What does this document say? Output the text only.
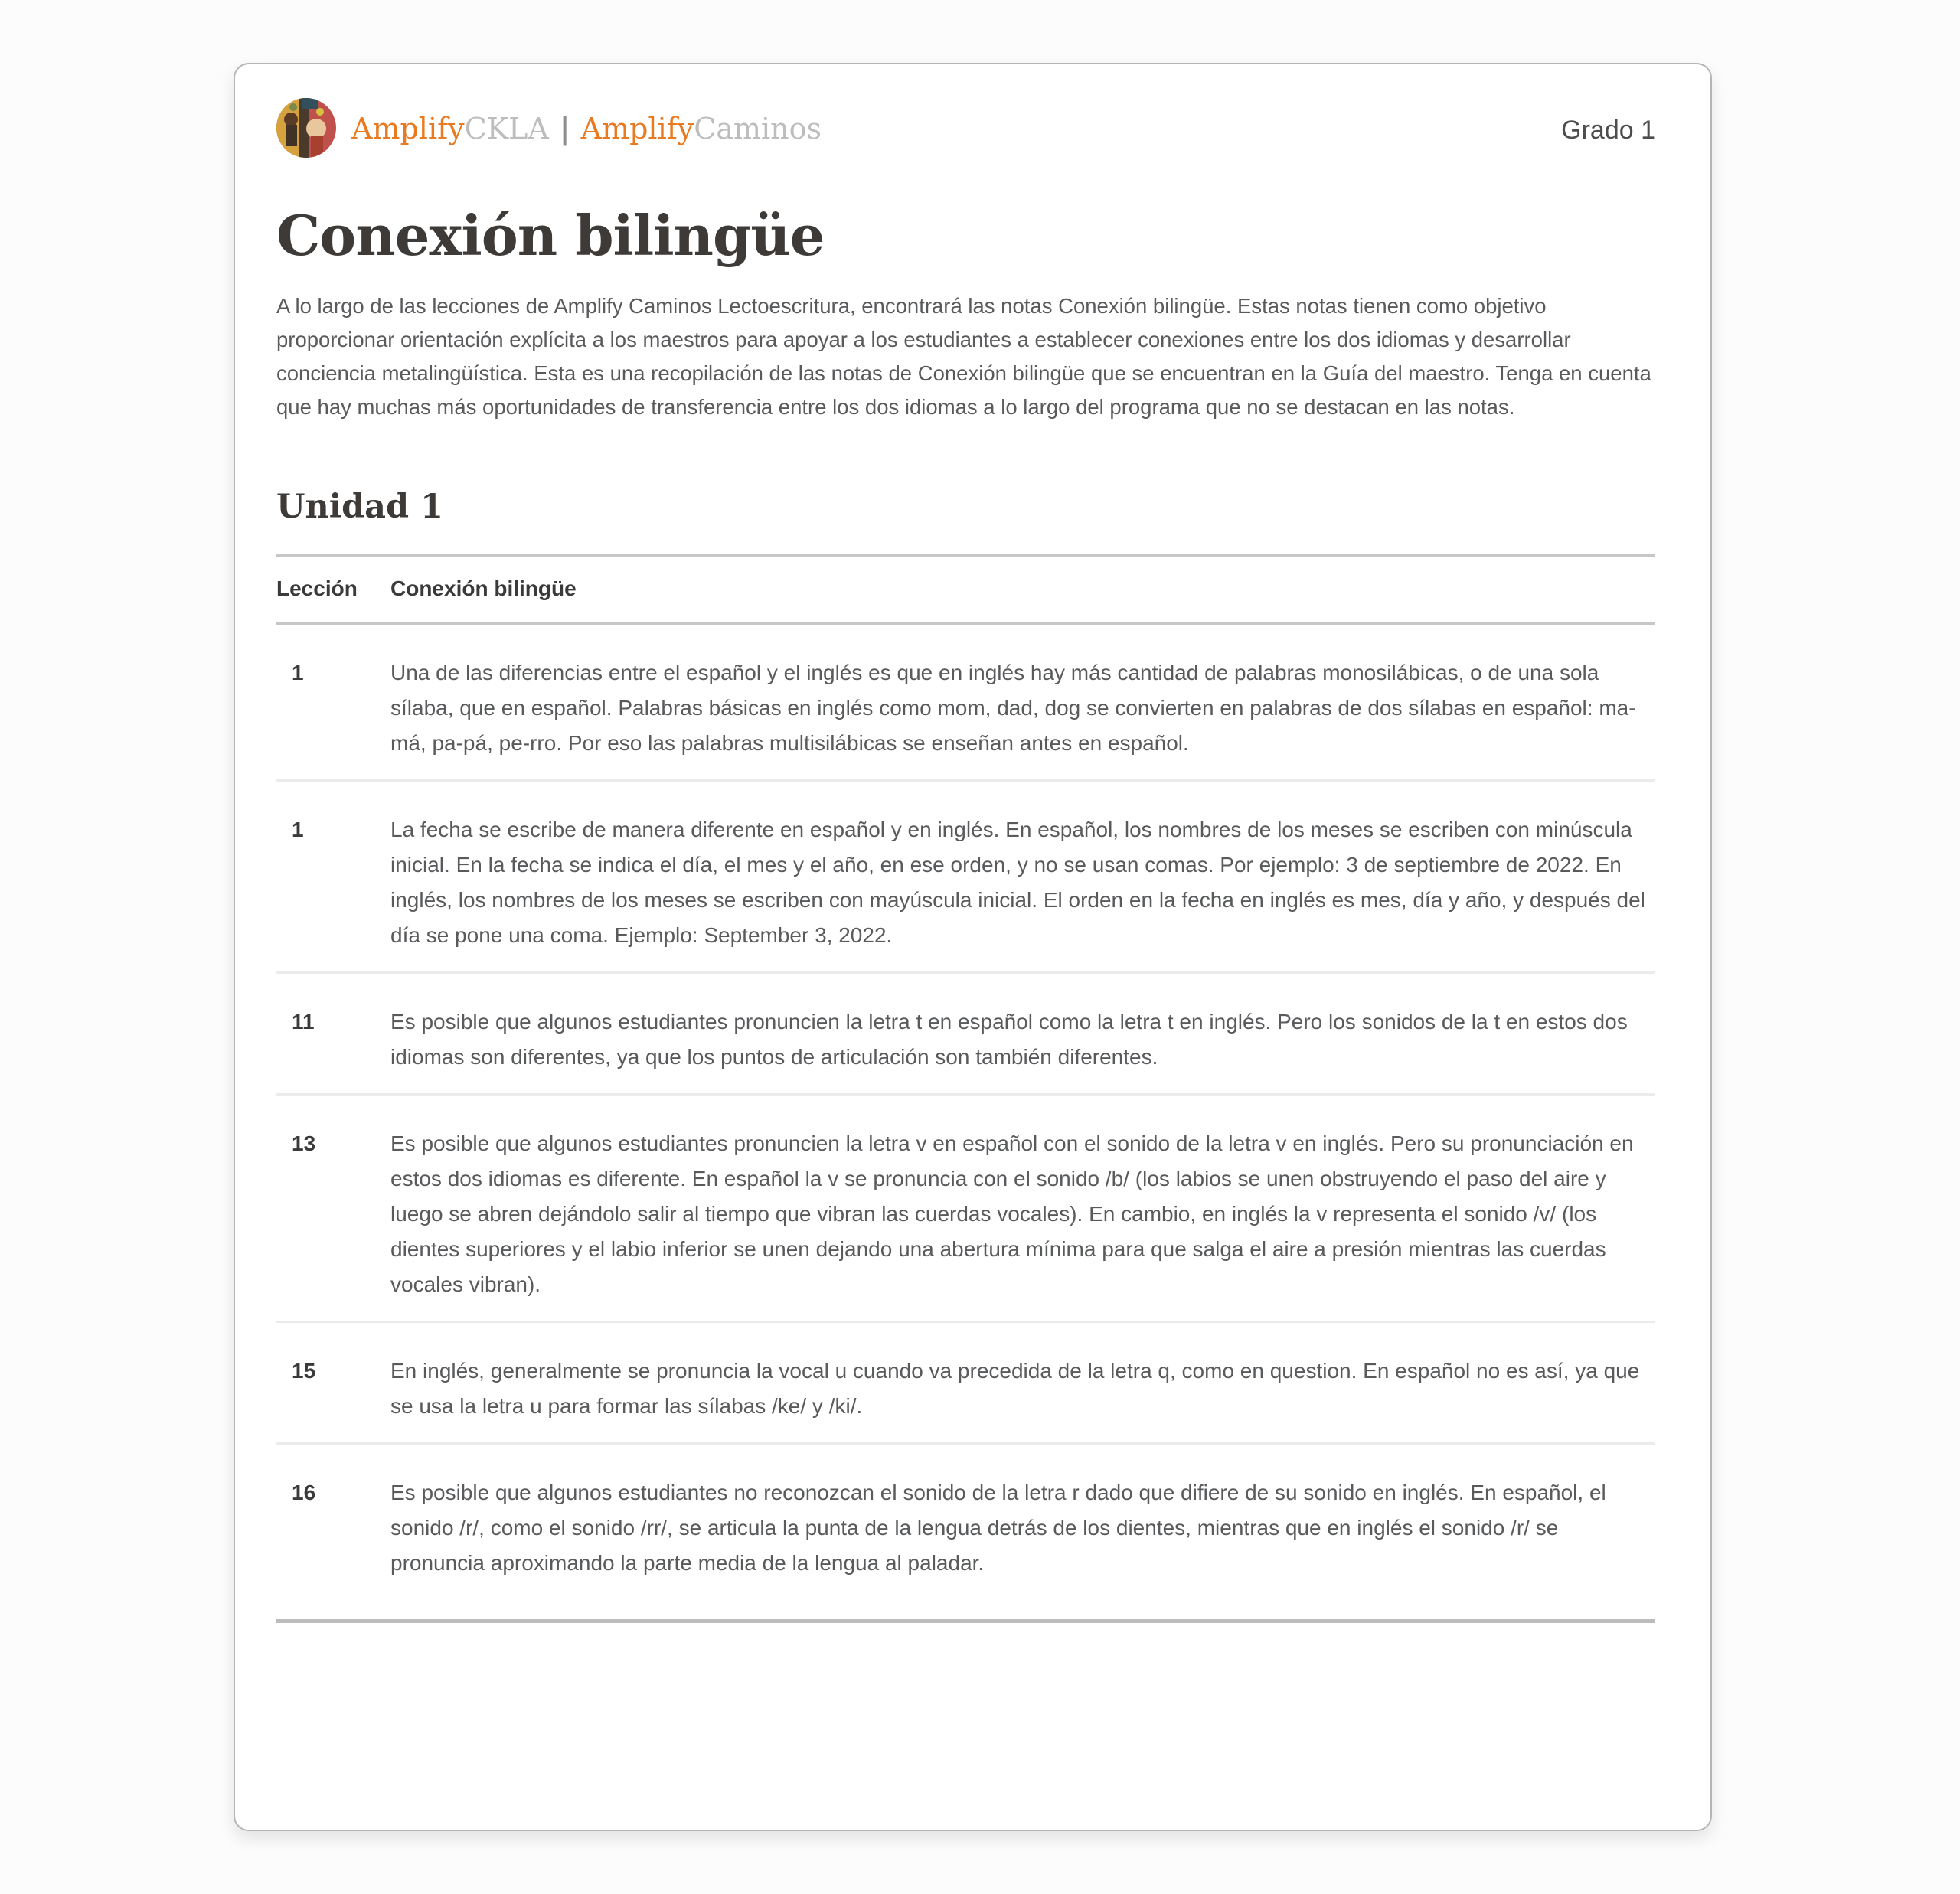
AmplifyCKLA | AmplifyCaminos	Grado 1
Conexión bilingüe

A lo largo de las lecciones de Amplify Caminos Lectoescritura, encontrará las notas Conexión bilingüe. Estas notas tienen como objetivo proporcionar orientación explícita a los maestros para apoyar a los estudiantes a establecer conexiones entre los dos idiomas y desarrollar conciencia metalingüística. Esta es una recopilación de las notas de Conexión bilingüe que se encuentran en la Guía del maestro. Tenga en cuenta que hay muchas más oportunidades de transferencia entre los dos idiomas a lo largo del programa que no se destacan en las notas.

Unidad 1
Lección	Conexión bilingüe
1	Una de las diferencias entre el español y el inglés es que en inglés hay más cantidad de palabras monosilábicas, o de una sola sílaba, que en español. Palabras básicas en inglés como mom, dad, dog se convierten en palabras de dos sílabas en español: ma-má, pa-pá, pe-rro. Por eso las palabras multisilábicas se enseñan antes en español.
1	La fecha se escribe de manera diferente en español y en inglés. En español, los nombres de los meses se escriben con minúscula inicial. En la fecha se indica el día, el mes y el año, en ese orden, y no se usan comas. Por ejemplo: 3 de septiembre de 2022. En inglés, los nombres de los meses se escriben con mayúscula inicial. El orden en la fecha en inglés es mes, día y año, y después del día se pone una coma. Ejemplo: September 3, 2022.
11	Es posible que algunos estudiantes pronuncien la letra t en español como la letra t en inglés. Pero los sonidos de la t en estos dos idiomas son diferentes, ya que los puntos de articulación son también diferentes.
13	Es posible que algunos estudiantes pronuncien la letra v en español con el sonido de la letra v en inglés. Pero su pronunciación en estos dos idiomas es diferente. En español la v se pronuncia con el sonido /b/ (los labios se unen obstruyendo el paso del aire y luego se abren dejándolo salir al tiempo que vibran las cuerdas vocales). En cambio, en inglés la v representa el sonido /v/ (los dientes superiores y el labio inferior se unen dejando una abertura mínima para que salga el aire a presión mientras las cuerdas vocales vibran).
15	En inglés, generalmente se pronuncia la vocal u cuando va precedida de la letra q, como en question. En español no es así, ya que se usa la letra u para formar las sílabas /ke/ y /ki/.
16	Es posible que algunos estudiantes no reconozcan el sonido de la letra r dado que difiere de su sonido en inglés. En español, el sonido /r/, como el sonido /rr/, se articula la punta de la lengua detrás de los dientes, mientras que en inglés el sonido /r/ se pronuncia aproximando la parte media de la lengua al paladar.
